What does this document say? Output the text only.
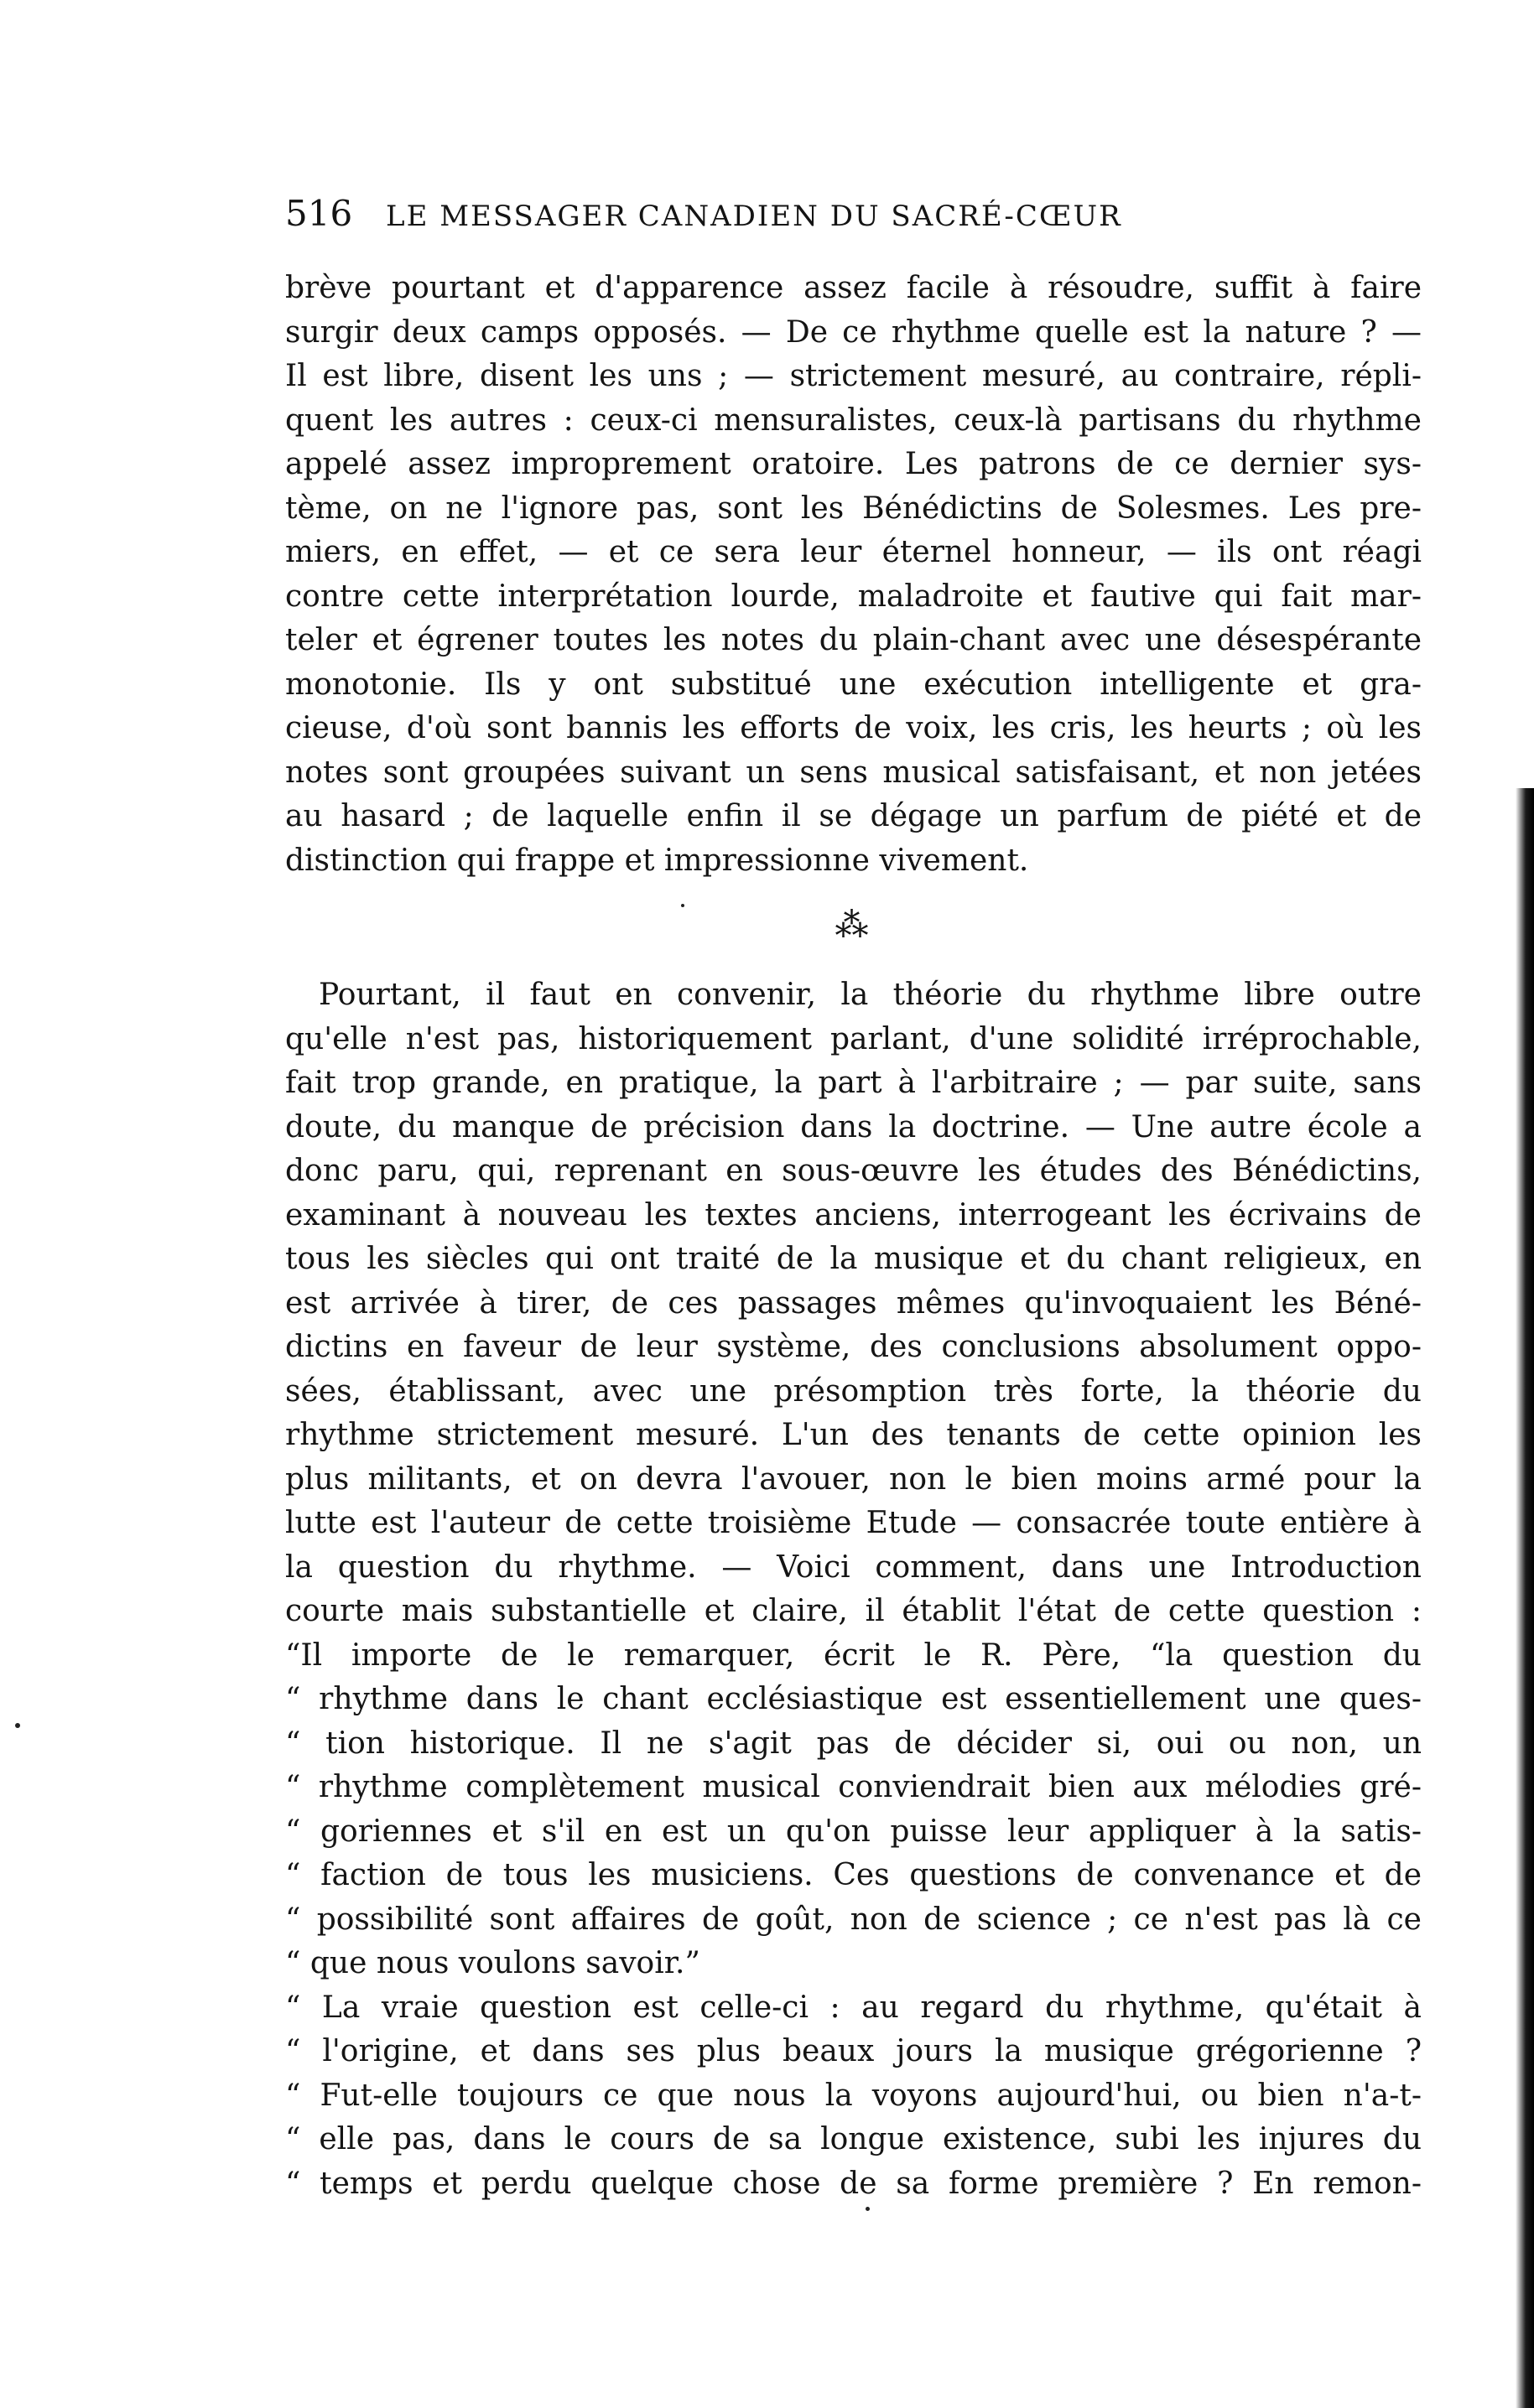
516	LE MESSAGER CANADIEN DU SACRÉ-CŒUR

brève pourtant et d'apparence assez facile à résoudre, suffit à faire
surgir deux camps opposés. — De ce rhythme quelle est la nature ? —
Il est libre, disent les uns ; — strictement mesuré, au contraire, répli-
quent les autres : ceux-ci mensuralistes, ceux-là partisans du rhythme
appelé assez improprement oratoire. Les patrons de ce dernier sys-
tème, on ne l'ignore pas, sont les Bénédictins de Solesmes. Les pre-
miers, en effet, — et ce sera leur éternel honneur, — ils ont réagi
contre cette interprétation lourde, maladroite et fautive qui fait mar-
teler et égrener toutes les notes du plain-chant avec une désespérante
monotonie. Ils y ont substitué une exécution intelligente et gra-
cieuse, d'où sont bannis les efforts de voix, les cris, les heurts ; où les
notes sont groupées suivant un sens musical satisfaisant, et non jetées
au hasard ; de laquelle enfin il se dégage un parfum de piété et de
distinction qui frappe et impressionne vivement.

⁂

Pourtant, il faut en convenir, la théorie du rhythme libre outre
qu'elle n'est pas, historiquement parlant, d'une solidité irréprochable,
fait trop grande, en pratique, la part à l'arbitraire ; — par suite, sans
doute, du manque de précision dans la doctrine. — Une autre école a
donc paru, qui, reprenant en sous-œuvre les études des Bénédictins,
examinant à nouveau les textes anciens, interrogeant les écrivains de
tous les siècles qui ont traité de la musique et du chant religieux, en
est arrivée à tirer, de ces passages mêmes qu'invoquaient les Béné-
dictins en faveur de leur système, des conclusions absolument oppo-
sées, établissant, avec une présomption très forte, la théorie du
rhythme strictement mesuré. L'un des tenants de cette opinion les
plus militants, et on devra l'avouer, non le bien moins armé pour la
lutte est l'auteur de cette troisième Etude — consacrée toute entière à
la question du rhythme. — Voici comment, dans une Introduction
courte mais substantielle et claire, il établit l'état de cette question :
“Il importe de le remarquer, écrit le R. Père, “la question du
“ rhythme dans le chant ecclésiastique est essentiellement une ques-
“ tion historique. Il ne s'agit pas de décider si, oui ou non, un
“ rhythme complètement musical conviendrait bien aux mélodies gré-
“ goriennes et s'il en est un qu'on puisse leur appliquer à la satis-
“ faction de tous les musiciens. Ces questions de convenance et de
“ possibilité sont affaires de goût, non de science ; ce n'est pas là ce
“ que nous voulons savoir.”

“ La vraie question est celle-ci : au regard du rhythme, qu'était à
“ l'origine, et dans ses plus beaux jours la musique grégorienne ?
“ Fut-elle toujours ce que nous la voyons aujourd'hui, ou bien n'a-t-
“ elle pas, dans le cours de sa longue existence, subi les injures du
“ temps et perdu quelque chose de sa forme première ? En remon-
